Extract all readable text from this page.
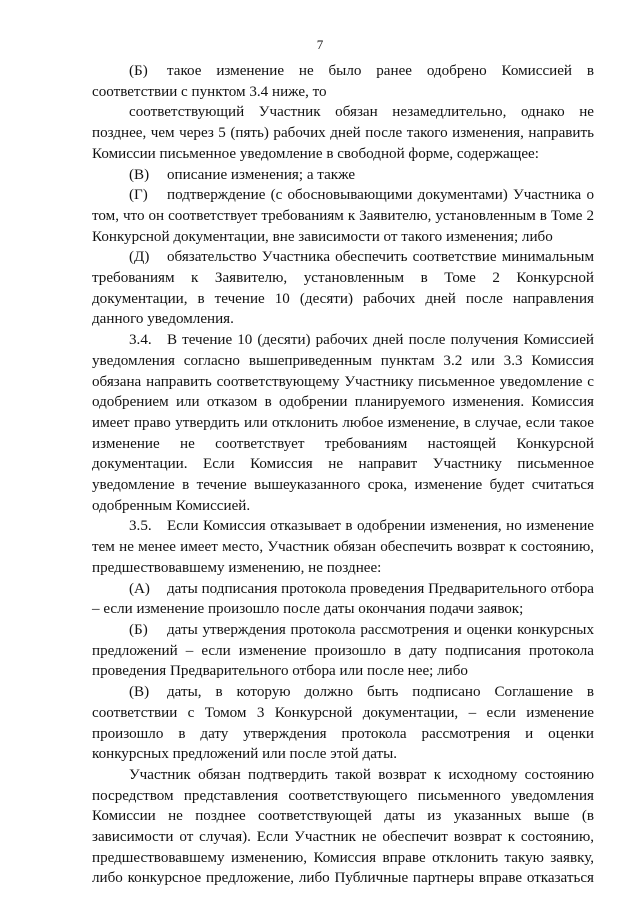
7

(Б) такое изменение не было ранее одобрено Комиссией в соответствии с пунктом 3.4 ниже, то

соответствующий Участник обязан незамедлительно, однако не позднее, чем через 5 (пять) рабочих дней после такого изменения, направить Комиссии письменное уведомление в свободной форме, содержащее:

(В) описание изменения; а также

(Г) подтверждение (с обосновывающими документами) Участника о том, что он соответствует требованиям к Заявителю, установленным в Томе 2 Конкурсной документации, вне зависимости от такого изменения; либо

(Д) обязательство Участника обеспечить соответствие минимальным требованиям к Заявителю, установленным в Томе 2 Конкурсной документации, в течение 10 (десяти) рабочих дней после направления данного уведомления.

3.4. В течение 10 (десяти) рабочих дней после получения Комиссией уведомления согласно вышеприведенным пунктам 3.2 или 3.3 Комиссия обязана направить соответствующему Участнику письменное уведомление с одобрением или отказом в одобрении планируемого изменения. Комиссия имеет право утвердить или отклонить любое изменение, в случае, если такое изменение не соответствует требованиям настоящей Конкурсной документации. Если Комиссия не направит Участнику письменное уведомление в течение вышеуказанного срока, изменение будет считаться одобренным Комиссией.

3.5. Если Комиссия отказывает в одобрении изменения, но изменение тем не менее имеет место, Участник обязан обеспечить возврат к состоянию, предшествовавшему изменению, не позднее:

(А) даты подписания протокола проведения Предварительного отбора – если изменение произошло после даты окончания подачи заявок;

(Б) даты утверждения протокола рассмотрения и оценки конкурсных предложений – если изменение произошло в дату подписания протокола проведения Предварительного отбора или после нее; либо

(В) даты, в которую должно быть подписано Соглашение в соответствии с Томом 3 Конкурсной документации, – если изменение произошло в дату утверждения протокола рассмотрения и оценки конкурсных предложений или после этой даты.

Участник обязан подтвердить такой возврат к исходному состоянию посредством представления соответствующего письменного уведомления Комиссии не позднее соответствующей даты из указанных выше (в зависимости от случая). Если Участник не обеспечит возврат к состоянию, предшествовавшему изменению, Комиссия вправе отклонить такую заявку, либо конкурсное предложение, либо Публичные партнеры вправе отказаться
